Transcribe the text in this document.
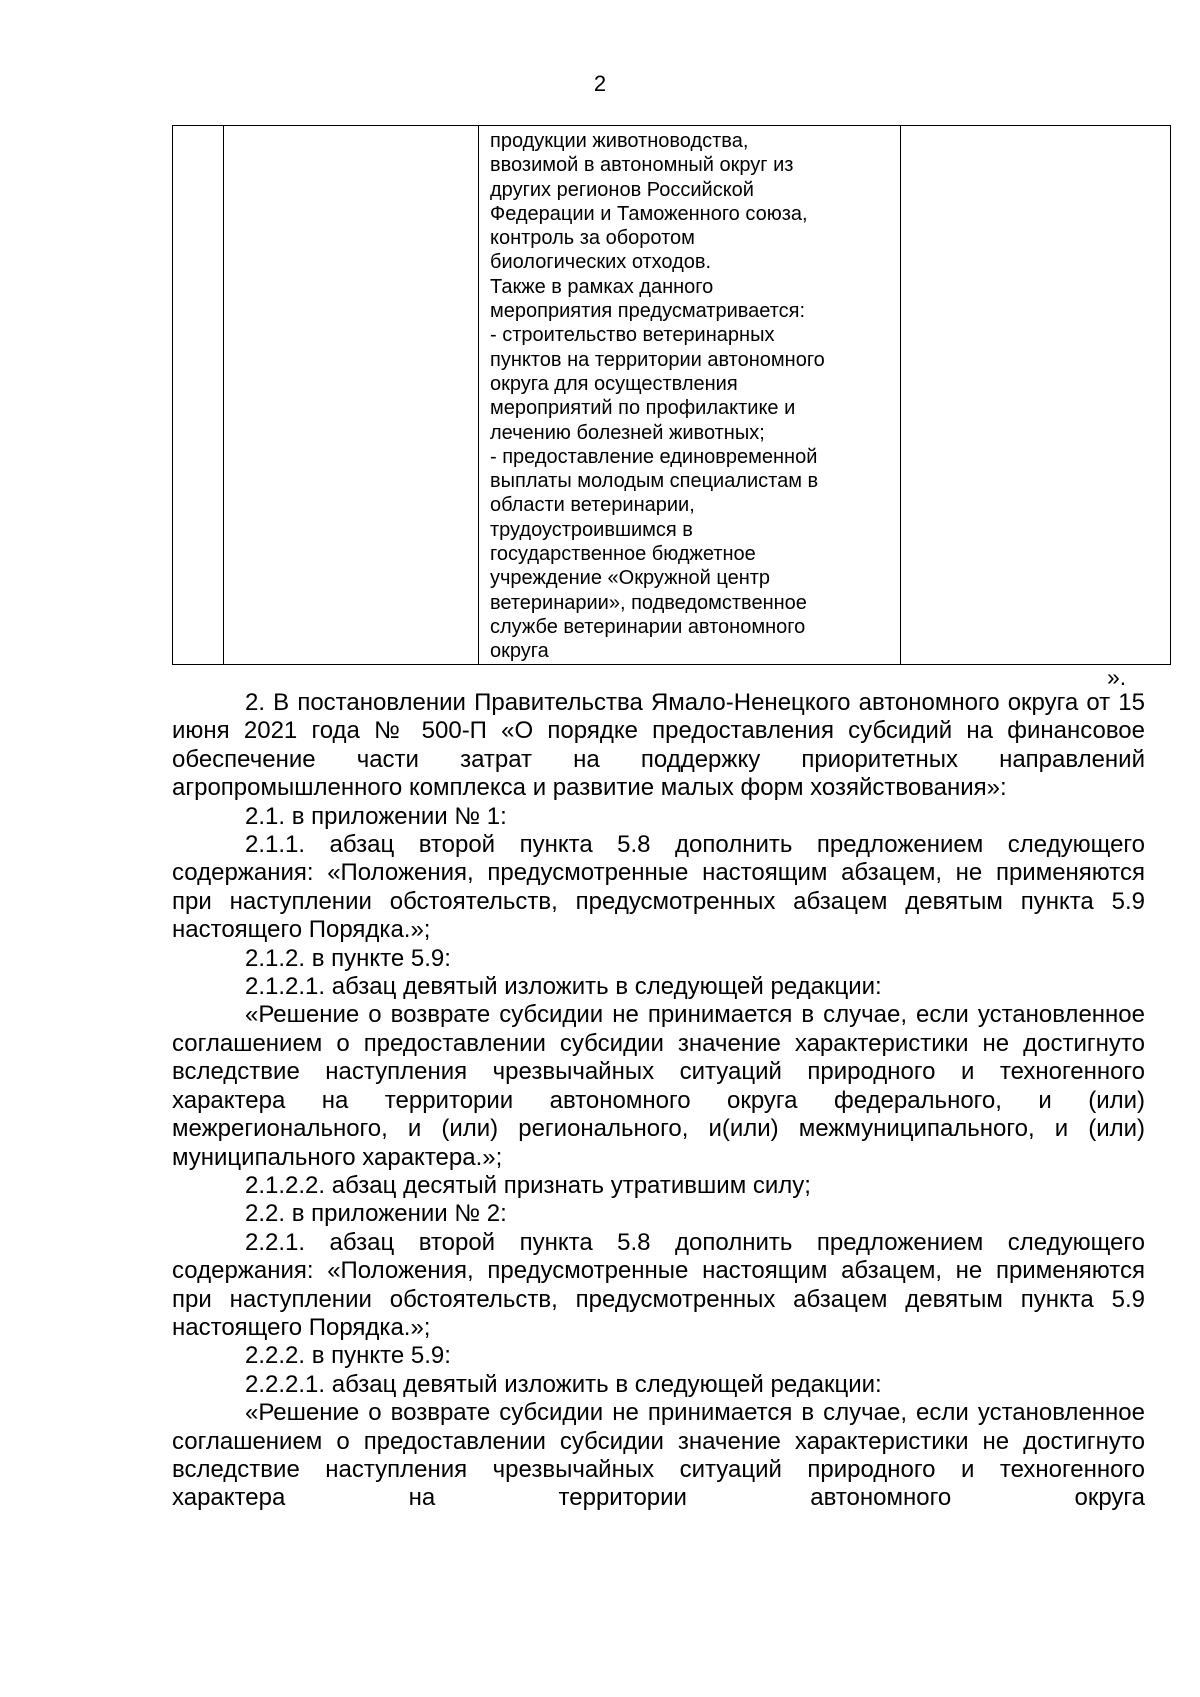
2

продукции животноводства,
ввозимой в автономный округ из
других регионов Российской
Федерации и Таможенного союза,
контроль за оборотом
биологических отходов.
Также в рамках данного
мероприятия предусматривается:
- строительство ветеринарных
пунктов на территории автономного
округа для осуществления
мероприятий по профилактике и
лечению болезней животных;
- предоставление единовременной
выплаты молодым специалистам в
области ветеринарии,
трудоустроившимся в
государственное бюджетное
учреждение «Окружной центр
ветеринарии», подведомственное
службе ветеринарии автономного
округа

».

2. В постановлении Правительства Ямало-Ненецкого автономного округа от 15 июня 2021 года № 500-П «О порядке предоставления субсидий на финансовое обеспечение части затрат на поддержку приоритетных направлений агропромышленного комплекса и развитие малых форм хозяйствования»:

2.1. в приложении № 1:

2.1.1. абзац второй пункта 5.8 дополнить предложением следующего содержания: «Положения, предусмотренные настоящим абзацем, не применяются при наступлении обстоятельств, предусмотренных абзацем девятым пункта 5.9 настоящего Порядка.»;

2.1.2. в пункте 5.9:

2.1.2.1. абзац девятый изложить в следующей редакции:

«Решение о возврате субсидии не принимается в случае, если установленное соглашением о предоставлении субсидии значение характеристики не достигнуто вследствие наступления чрезвычайных ситуаций природного и техногенного характера на территории автономного округа федерального, и (или) межрегионального, и (или) регионального, и(или) межмуниципального, и (или) муниципального характера.»;

2.1.2.2. абзац десятый признать утратившим силу;

2.2. в приложении № 2:

2.2.1. абзац второй пункта 5.8 дополнить предложением следующего содержания: «Положения, предусмотренные настоящим абзацем, не применяются при наступлении обстоятельств, предусмотренных абзацем девятым пункта 5.9 настоящего Порядка.»;

2.2.2. в пункте 5.9:

2.2.2.1. абзац девятый изложить в следующей редакции:

«Решение о возврате субсидии не принимается в случае, если установленное соглашением о предоставлении субсидии значение характеристики не достигнуто вследствие наступления чрезвычайных ситуаций природного и техногенного характера на территории автономного округа
